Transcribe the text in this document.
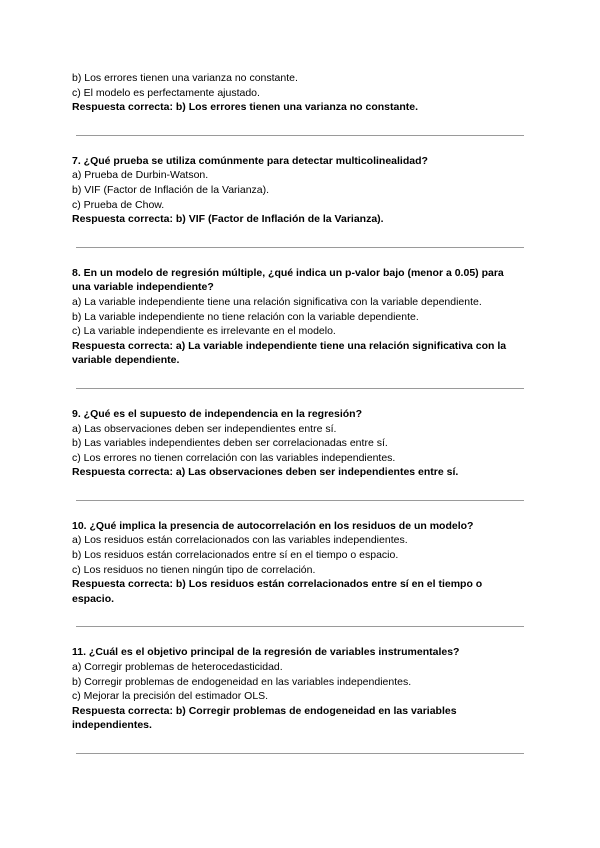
b) Los errores tienen una varianza no constante.
c) El modelo es perfectamente ajustado.
Respuesta correcta: b) Los errores tienen una varianza no constante.
7. ¿Qué prueba se utiliza comúnmente para detectar multicolinealidad?
a) Prueba de Durbin-Watson.
b) VIF (Factor de Inflación de la Varianza).
c) Prueba de Chow.
Respuesta correcta: b) VIF (Factor de Inflación de la Varianza).
8. En un modelo de regresión múltiple, ¿qué indica un p-valor bajo (menor a 0.05) para una variable independiente?
a) La variable independiente tiene una relación significativa con la variable dependiente.
b) La variable independiente no tiene relación con la variable dependiente.
c) La variable independiente es irrelevante en el modelo.
Respuesta correcta: a) La variable independiente tiene una relación significativa con la variable dependiente.
9. ¿Qué es el supuesto de independencia en la regresión?
a) Las observaciones deben ser independientes entre sí.
b) Las variables independientes deben ser correlacionadas entre sí.
c) Los errores no tienen correlación con las variables independientes.
Respuesta correcta: a) Las observaciones deben ser independientes entre sí.
10. ¿Qué implica la presencia de autocorrelación en los residuos de un modelo?
a) Los residuos están correlacionados con las variables independientes.
b) Los residuos están correlacionados entre sí en el tiempo o espacio.
c) Los residuos no tienen ningún tipo de correlación.
Respuesta correcta: b) Los residuos están correlacionados entre sí en el tiempo o espacio.
11. ¿Cuál es el objetivo principal de la regresión de variables instrumentales?
a) Corregir problemas de heterocedasticidad.
b) Corregir problemas de endogeneidad en las variables independientes.
c) Mejorar la precisión del estimador OLS.
Respuesta correcta: b) Corregir problemas de endogeneidad en las variables independientes.
